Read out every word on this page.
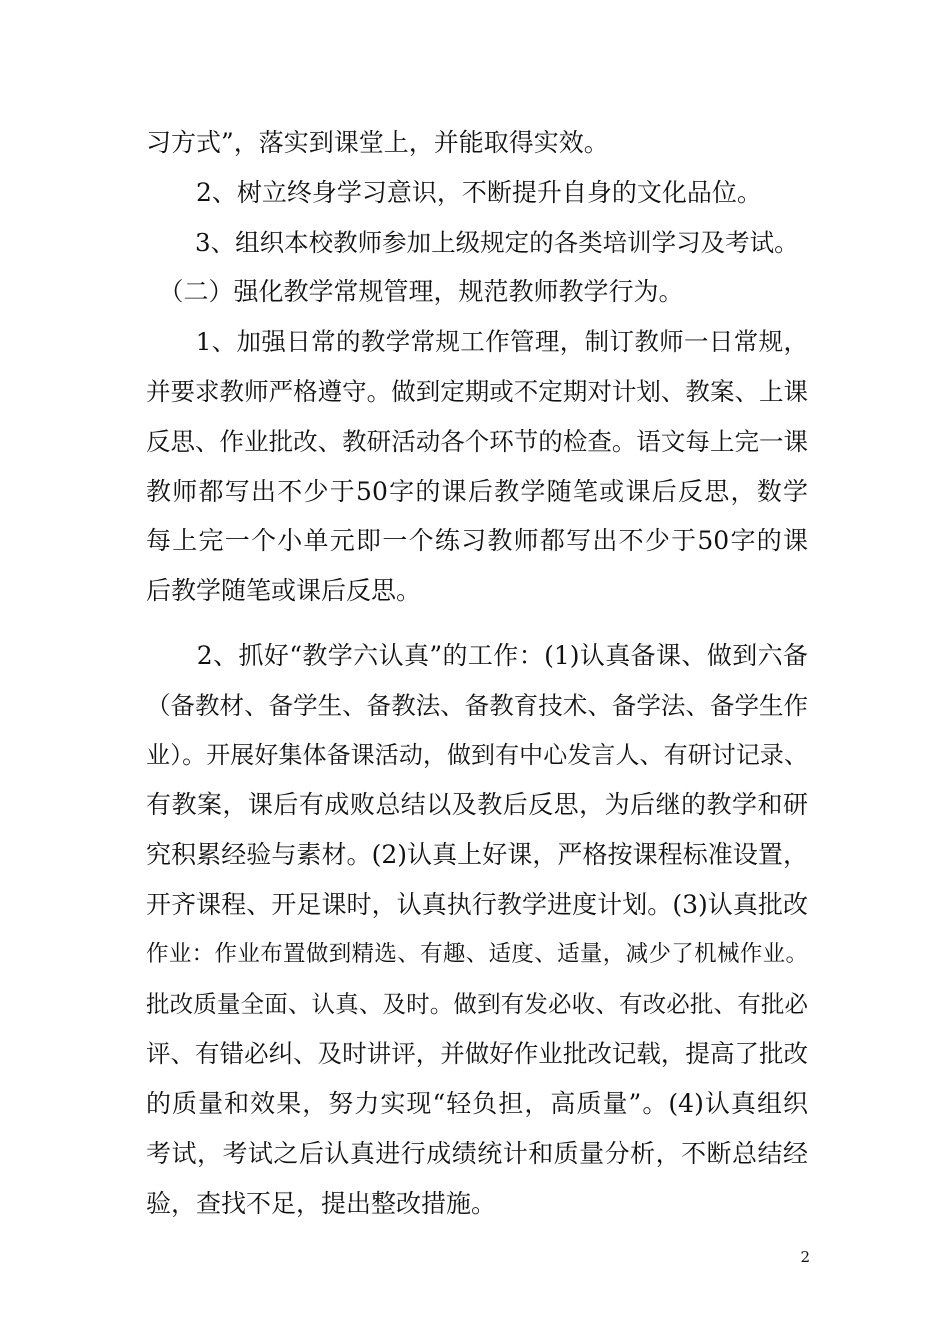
习方式”，落实到课堂上，并能取得实效。
　　2、树立终身学习意识，不断提升自身的文化品位。
　　3、组织本校教师参加上级规定的各类培训学习及考试。
　（二）强化教学常规管理，规范教师教学行为。
　　1、加强日常的教学常规工作管理，制订教师一日常规，
并要求教师严格遵守。做到定期或不定期对计划、教案、上课
反思、作业批改、教研活动各个环节的检查。语文每上完一课
教师都写出不少于50字的课后教学随笔或课后反思，数学
每上完一个小单元即一个练习教师都写出不少于50字的课
后教学随笔或课后反思。
　　2、抓好“教学六认真”的工作：(1)认真备课、做到六备
（备教材、备学生、备教法、备教育技术、备学法、备学生作
业）。开展好集体备课活动，做到有中心发言人、有研讨记录、
有教案，课后有成败总结以及教后反思，为后继的教学和研
究积累经验与素材。(2)认真上好课，严格按课程标准设置，
开齐课程、开足课时，认真执行教学进度计划。(3)认真批改
作业：作业布置做到精选、有趣、适度、适量，减少了机械作业。
批改质量全面、认真、及时。做到有发必收、有改必批、有批必
评、有错必纠、及时讲评，并做好作业批改记载，提高了批改
的质量和效果，努力实现“轻负担，高质量”。(4)认真组织
考试，考试之后认真进行成绩统计和质量分析，不断总结经
验，查找不足，提出整改措施。
2
